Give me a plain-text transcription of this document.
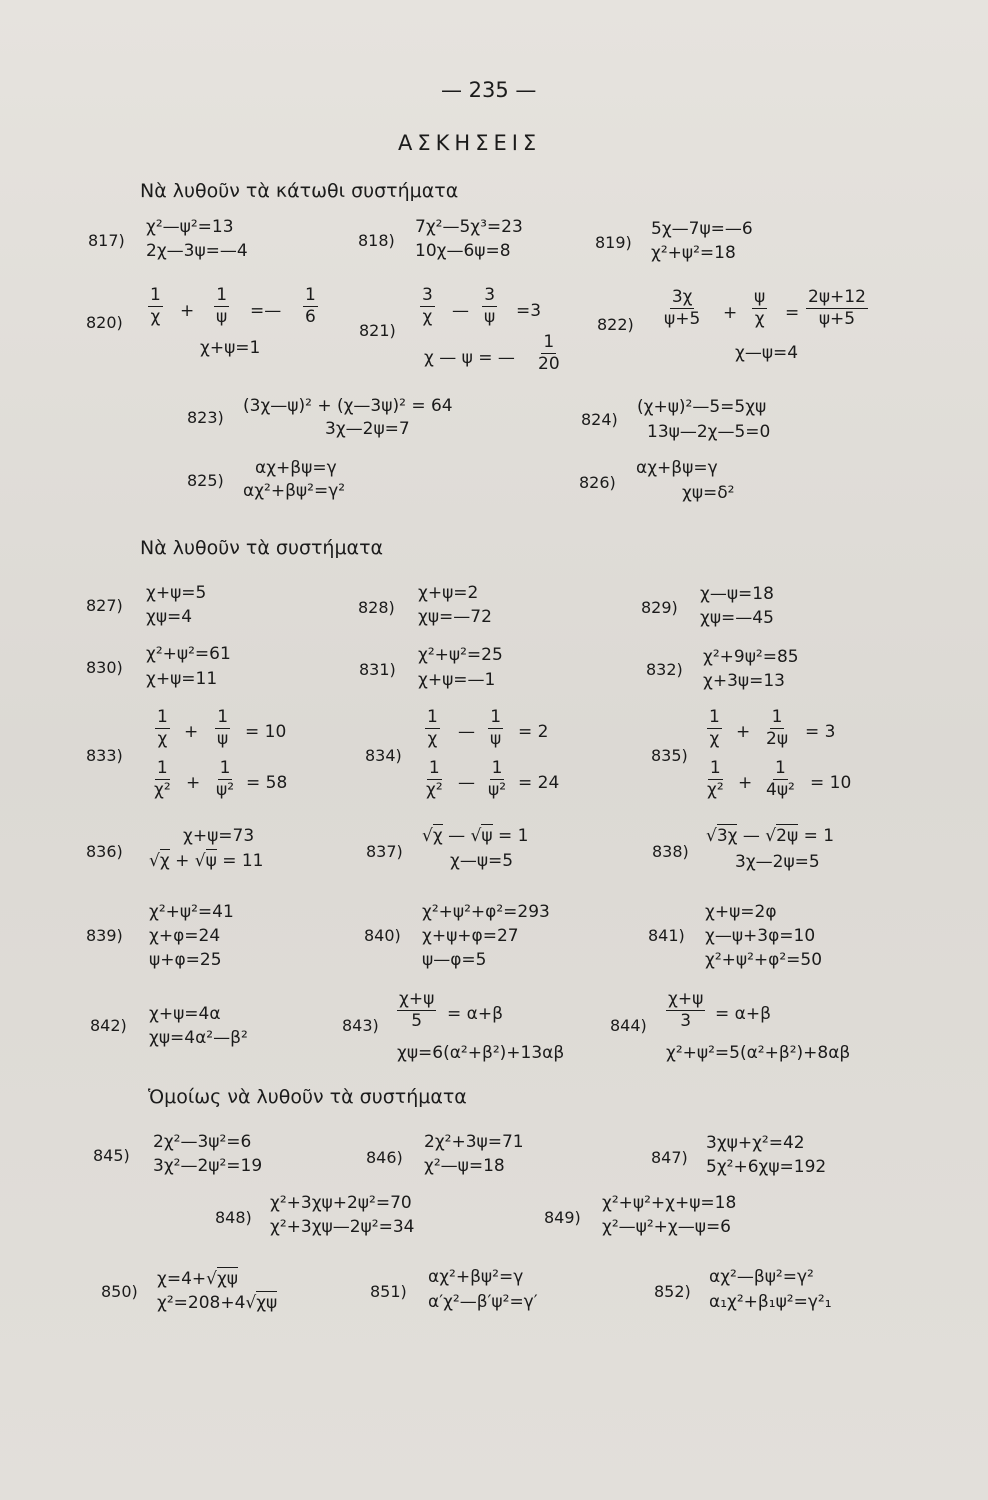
— 235 —
ΑΣΚΗΣΕΙΣ
Νὰ λυθοῦν τὰ κάτωθι συστήματα
817)
χ²—ψ²=13
2χ—3ψ=—4
818)
7χ²—5χ³=23
10χ—6ψ=8	819)
5χ—7ψ=—6
χ²+ψ²=18
$820) \frac{1}{\chi} + \frac{1}{\psi}$ =— $\frac{1}{6}$
χ+ψ=1
821)
$\frac{3}{\chi}$ — $\frac{3}{\psi} =3$
χ — ψ = — $\frac{1}{20}$
$822) \frac{3\chi}{\psi+5} + \frac{\psi}{\chi} = \frac{2\psi+12}{\psi+5}$
χ—ψ=4
823)
(3χ—ψ)² + (χ—3ψ)² = 64
3χ—2ψ=7	824)
(χ+ψ)²—5=5χψ
13ψ—2χ—5=0
825)
αχ+βψ=γ
αχ²+βψ²=γ²	826)
αχ+βψ=γ
χψ=δ²
Νὰ λυθοῦν τὰ συστήματα
827)
χ+ψ=5
χψ=4	828)
χ+ψ=2
χψ=—72	829)
χ—ψ=18
χψ=—45
830)
χ²+ψ²=61
χ+ψ=11	831)
χ²+ψ²=25
χ+ψ=—1
832)
χ²+9ψ²=85
χ+3ψ=13
833)
$\frac{1}{\chi} + \frac{1}{\psi} = 10$
$\frac{1}{\text{χ²}} + \frac{1}{\text{ψ²}} = 58$
834)
$\frac{1}{\chi}$ — $\frac{1}{\psi} = 2$
$\frac{1}{\text{χ²}}$ — $\frac{1}{\text{ψ²}} = 24$
835)
$\frac{1}{\chi} + \frac{1}{2\psi} = 3$
$\frac{1}{\text{χ²}} + \frac{1}{\text{4ψ²}} = 10$
836)
χ+ψ=73
√χ + √ψ = 11	837)
√χ — √ψ = 1
χ—ψ=5	838)
√3χ — √2ψ = 1
3χ—2ψ=5
839)
χ²+ψ²=41
χ+φ=24
ψ+φ=25
840)
χ²+ψ²+φ²=293
χ+ψ+φ=27
ψ—φ=5
841)
χ+ψ=2φ
χ—ψ+3φ=10
χ²+ψ²+φ²=50
842)
χ+ψ=4α
χψ=4α²—β²
$843) \frac{\chi+\psi}{5} = \alpha+\beta$
χψ=6(α²+β²)+13αβ
$844) \frac{\chi+\psi}{3} = \alpha+\beta$
χ²+ψ²=5(α²+β²)+8αβ
Ὁμοίως νὰ λυθοῦν τὰ συστήματα
845)
2χ²—3ψ²=6
3χ²—2ψ²=19	846)
2χ²+3ψ=71
χ²—ψ=18	847)
3χψ+χ²=42
5χ²+6χψ=192
848)
χ²+3χψ+2ψ²=70
χ²+3χψ—2ψ²=34	849)
χ²+ψ²+χ+ψ=18
χ²—ψ²+χ—ψ=6
850)
χ=4+√χψ
χ²=208+4√χψ
851)
αχ²+βψ²=γ
α′χ²—β′ψ²=γ′
852)
αχ²—βψ²=γ²
α₁χ²+β₁ψ²=γ²₁
